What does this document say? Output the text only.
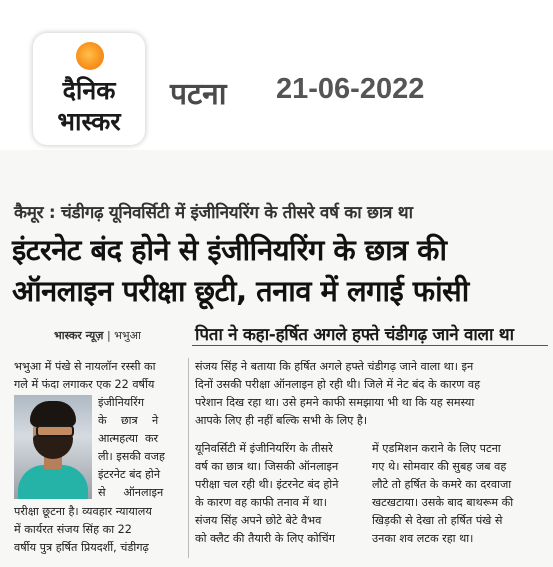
दैनिक
भास्कर
पटना 21-06-2022
कैमूर : चंडीगढ़ यूनिवर्सिटी में इंजीनियरिंग के तीसरे वर्ष का छात्र था
इंटरनेट बंद होने से इंजीनियरिंग के छात्र की
ऑनलाइन परीक्षा छूटी, तनाव में लगाई फांसी
भास्कर न्यूज़ | भभुआ	पिता ने कहा-हर्षित अगले हफ्ते चंडीगढ़ जाने वाला था
भभुआ में पंखे से नायलॉन रस्सी का
गले में फंदा लगाकर एक 22 वर्षीय
इंजीनियरिंग
के    छात्र    ने
आत्महत्या  कर
ली। इसकी वजह
इंटरनेट बंद होने
से     ऑनलाइन
परीक्षा छूटना है। व्यवहार न्यायालय
में कार्यरत संजय सिंह का 22
वर्षीय पुत्र हर्षित प्रियदर्शी, चंडीगढ़
संजय सिंह ने बताया कि हर्षित अगले हफ्ते चंडीगढ़ जाने वाला था। इन
दिनों उसकी परीक्षा ऑनलाइन हो रही थी। जिले में नेट बंद के कारण वह
परेशान दिख रहा था। उसे हमने काफी समझाया भी था कि यह समस्या
आपके लिए ही नहीं बल्कि सभी के लिए है।
यूनिवर्सिटी में इंजीनियरिंग के तीसरे
वर्ष का छात्र था। जिसकी ऑनलाइन
परीक्षा चल रही थी। इंटरनेट बंद होने
के कारण वह काफी तनाव में था।
संजय सिंह अपने छोटे बेटे वैभव
को क्लैट की तैयारी के लिए कोचिंग
में एडमिशन कराने के लिए पटना
गए थे। सोमवार की सुबह जब वह
लौटे तो हर्षित के कमरे का दरवाजा
खटखटाया। उसके बाद बाथरूम की
खिड़की से देखा तो हर्षित पंखे से
उनका शव लटक रहा था।
